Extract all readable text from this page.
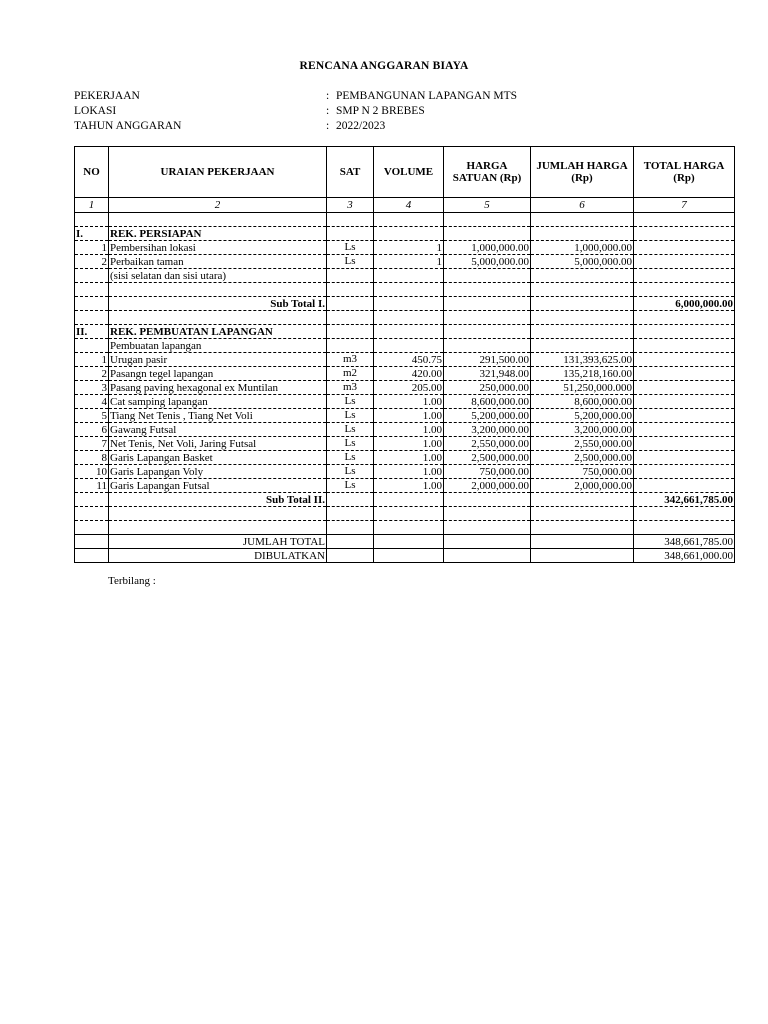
RENCANA ANGGARAN BIAYA
PEKERJAAN	: PEMBANGUNAN LAPANGAN MTS
LOKASI	: SMP N 2 BREBES
TAHUN ANGGARAN	: 2022/2023
NO	URAIAN PEKERJAAN	SAT	VOLUME	HARGA SATUAN (Rp)	JUMLAH HARGA (Rp)	TOTAL HARGA (Rp)
1	2	3	4	5	6	7

I.	REK. PERSIAPAN					
1	Pembersihan lokasi	Ls	1	1,000,000.00	1,000,000.00	
2	Perbaikan taman	Ls	1	5,000,000.00	5,000,000.00	
	(sisi selatan dan sisi utara)					

	Sub Total I.					6,000,000.00

II.	REK. PEMBUATAN LAPANGAN					
	Pembuatan lapangan					
1	Urugan pasir	m3	450.75	291,500.00	131,393,625.00	
2	Pasangn tegel lapangan	m2	420.00	321,948.00	135,218,160.00	
3	Pasang paving hexagonal ex Muntilan	m3	205.00	250,000.00	51,250,000.000	
4	Cat samping lapangan	Ls	1.00	8,600,000.00	8,600,000.00	
5	Tiang Net Tenis , Tiang Net Voli	Ls	1.00	5,200,000.00	5,200,000.00	
6	Gawang Futsal	Ls	1.00	3,200,000.00	3,200,000.00	
7	Net Tenis, Net Voli, Jaring Futsal	Ls	1.00	2,550,000.00	2,550,000.00	
8	Garis Lapangan Basket	Ls	1.00	2,500,000.00	2,500,000.00	
10	Garis Lapangan Voly	Ls	1.00	750,000.00	750,000.00	
11	Garis Lapangan Futsal	Ls	1.00	2,000,000.00	2,000,000.00	
	Sub Total II.					342,661,785.00

	JUMLAH TOTAL					348,661,785.00
	DIBULATKAN					348,661,000.00
Terbilang :
